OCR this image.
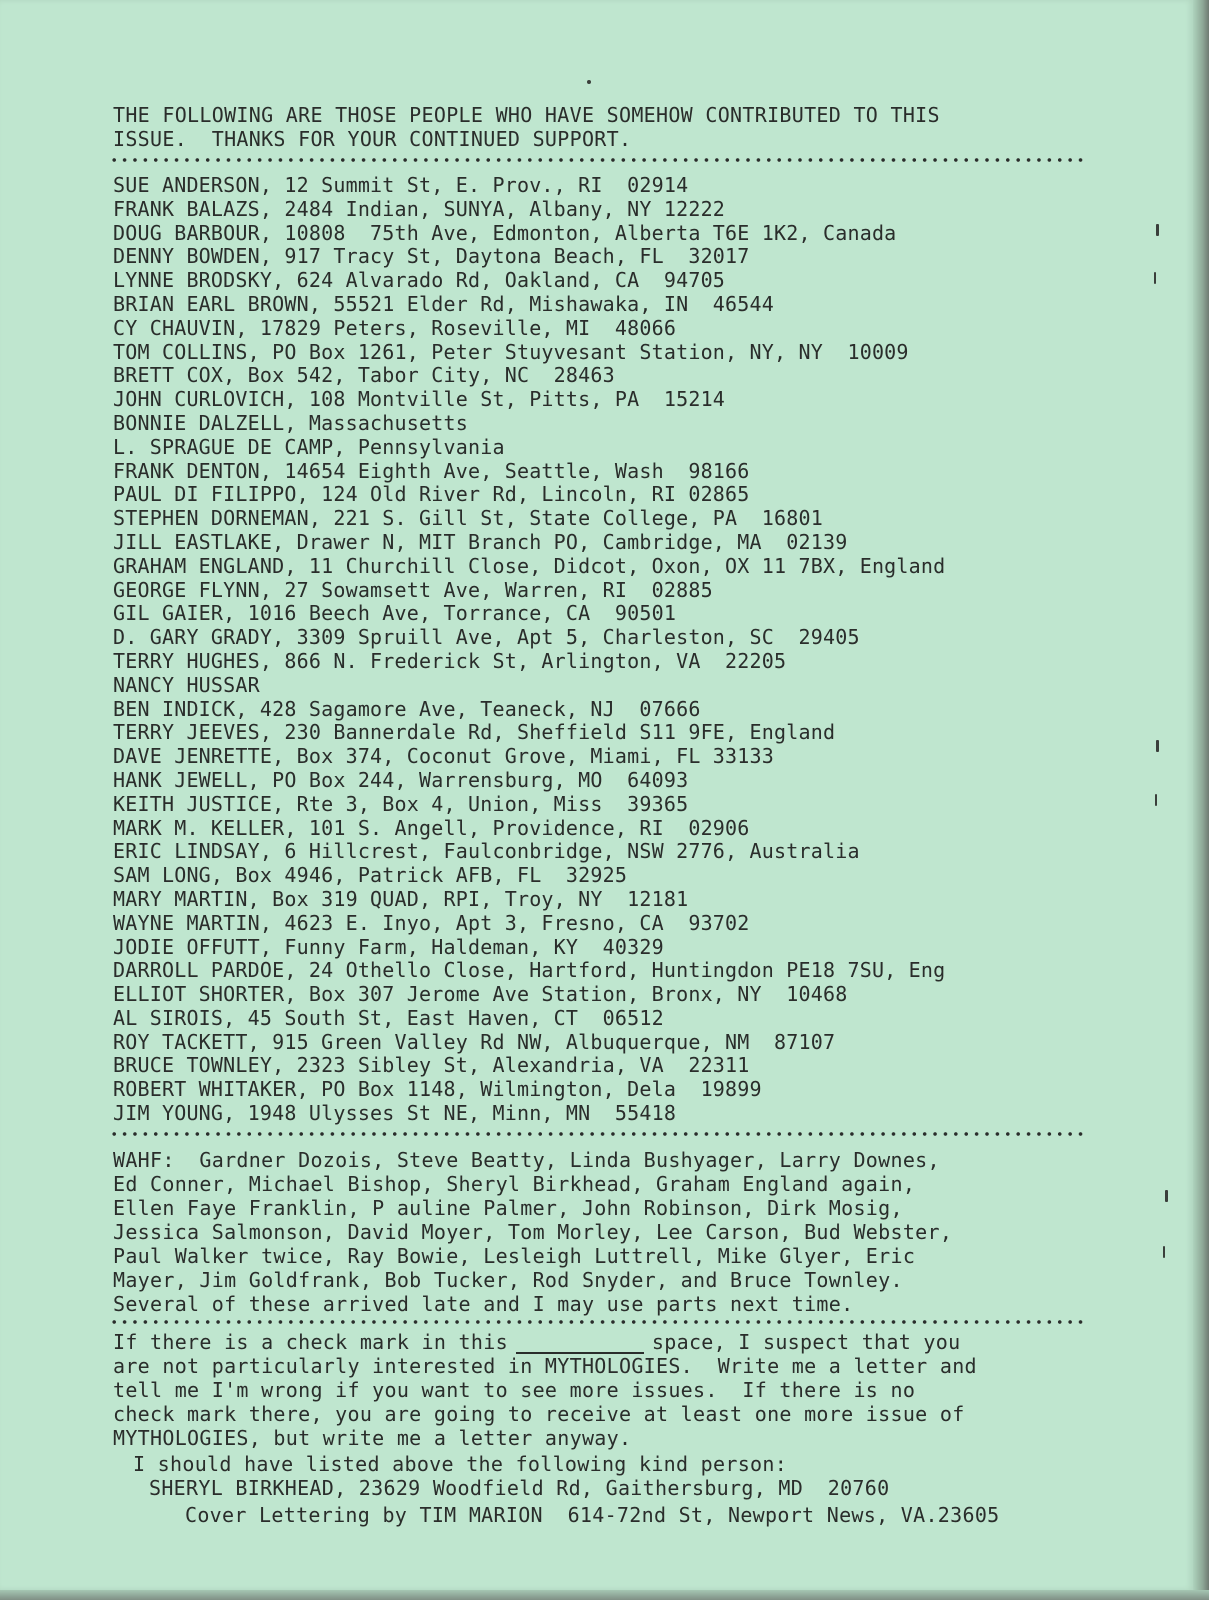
THE FOLLOWING ARE THOSE PEOPLE WHO HAVE SOMEHOW CONTRIBUTED TO THIS
ISSUE.  THANKS FOR YOUR CONTINUED SUPPORT.
SUE ANDERSON, 12 Summit St, E. Prov., RI  02914
FRANK BALAZS, 2484 Indian, SUNYA, Albany, NY 12222
DOUG BARBOUR, 10808  75th Ave, Edmonton, Alberta T6E 1K2, Canada
DENNY BOWDEN, 917 Tracy St, Daytona Beach, FL  32017
LYNNE BRODSKY, 624 Alvarado Rd, Oakland, CA  94705
BRIAN EARL BROWN, 55521 Elder Rd, Mishawaka, IN  46544
CY CHAUVIN, 17829 Peters, Roseville, MI  48066
TOM COLLINS, PO Box 1261, Peter Stuyvesant Station, NY, NY  10009
BRETT COX, Box 542, Tabor City, NC  28463
JOHN CURLOVICH, 108 Montville St, Pitts, PA  15214
BONNIE DALZELL, Massachusetts
L. SPRAGUE DE CAMP, Pennsylvania
FRANK DENTON, 14654 Eighth Ave, Seattle, Wash  98166
PAUL DI FILIPPO, 124 Old River Rd, Lincoln, RI 02865
STEPHEN DORNEMAN, 221 S. Gill St, State College, PA  16801
JILL EASTLAKE, Drawer N, MIT Branch PO, Cambridge, MA  02139
GRAHAM ENGLAND, 11 Churchill Close, Didcot, Oxon, OX 11 7BX, England
GEORGE FLYNN, 27 Sowamsett Ave, Warren, RI  02885
GIL GAIER, 1016 Beech Ave, Torrance, CA  90501
D. GARY GRADY, 3309 Spruill Ave, Apt 5, Charleston, SC  29405
TERRY HUGHES, 866 N. Frederick St, Arlington, VA  22205
NANCY HUSSAR
BEN INDICK, 428 Sagamore Ave, Teaneck, NJ  07666
TERRY JEEVES, 230 Bannerdale Rd, Sheffield S11 9FE, England
DAVE JENRETTE, Box 374, Coconut Grove, Miami, FL 33133
HANK JEWELL, PO Box 244, Warrensburg, MO  64093
KEITH JUSTICE, Rte 3, Box 4, Union, Miss  39365
MARK M. KELLER, 101 S. Angell, Providence, RI  02906
ERIC LINDSAY, 6 Hillcrest, Faulconbridge, NSW 2776, Australia
SAM LONG, Box 4946, Patrick AFB, FL  32925
MARY MARTIN, Box 319 QUAD, RPI, Troy, NY  12181
WAYNE MARTIN, 4623 E. Inyo, Apt 3, Fresno, CA  93702
JODIE OFFUTT, Funny Farm, Haldeman, KY  40329
DARROLL PARDOE, 24 Othello Close, Hartford, Huntingdon PE18 7SU, Eng
ELLIOT SHORTER, Box 307 Jerome Ave Station, Bronx, NY  10468
AL SIROIS, 45 South St, East Haven, CT  06512
ROY TACKETT, 915 Green Valley Rd NW, Albuquerque, NM  87107
BRUCE TOWNLEY, 2323 Sibley St, Alexandria, VA  22311
ROBERT WHITAKER, PO Box 1148, Wilmington, Dela  19899
JIM YOUNG, 1948 Ulysses St NE, Minn, MN  55418
WAHF:  Gardner Dozois, Steve Beatty, Linda Bushyager, Larry Downes,
Ed Conner, Michael Bishop, Sheryl Birkhead, Graham England again,
Ellen Faye Franklin, P auline Palmer, John Robinson, Dirk Mosig,
Jessica Salmonson, David Moyer, Tom Morley, Lee Carson, Bud Webster,
Paul Walker twice, Ray Bowie, Lesleigh Luttrell, Mike Glyer, Eric
Mayer, Jim Goldfrank, Bob Tucker, Rod Snyder, and Bruce Townley.
Several of these arrived late and I may use parts next time.
If there is a check mark in this	space, I suspect that you
are not particularly interested in MYTHOLOGIES.  Write me a letter and
tell me I'm wrong if you want to see more issues.  If there is no
check mark there, you are going to receive at least one more issue of
MYTHOLOGIES, but write me a letter anyway.
I should have listed above the following kind person:
SHERYL BIRKHEAD, 23629 Woodfield Rd, Gaithersburg, MD  20760
Cover Lettering by TIM MARION  614-72nd St, Newport News, VA.23605
